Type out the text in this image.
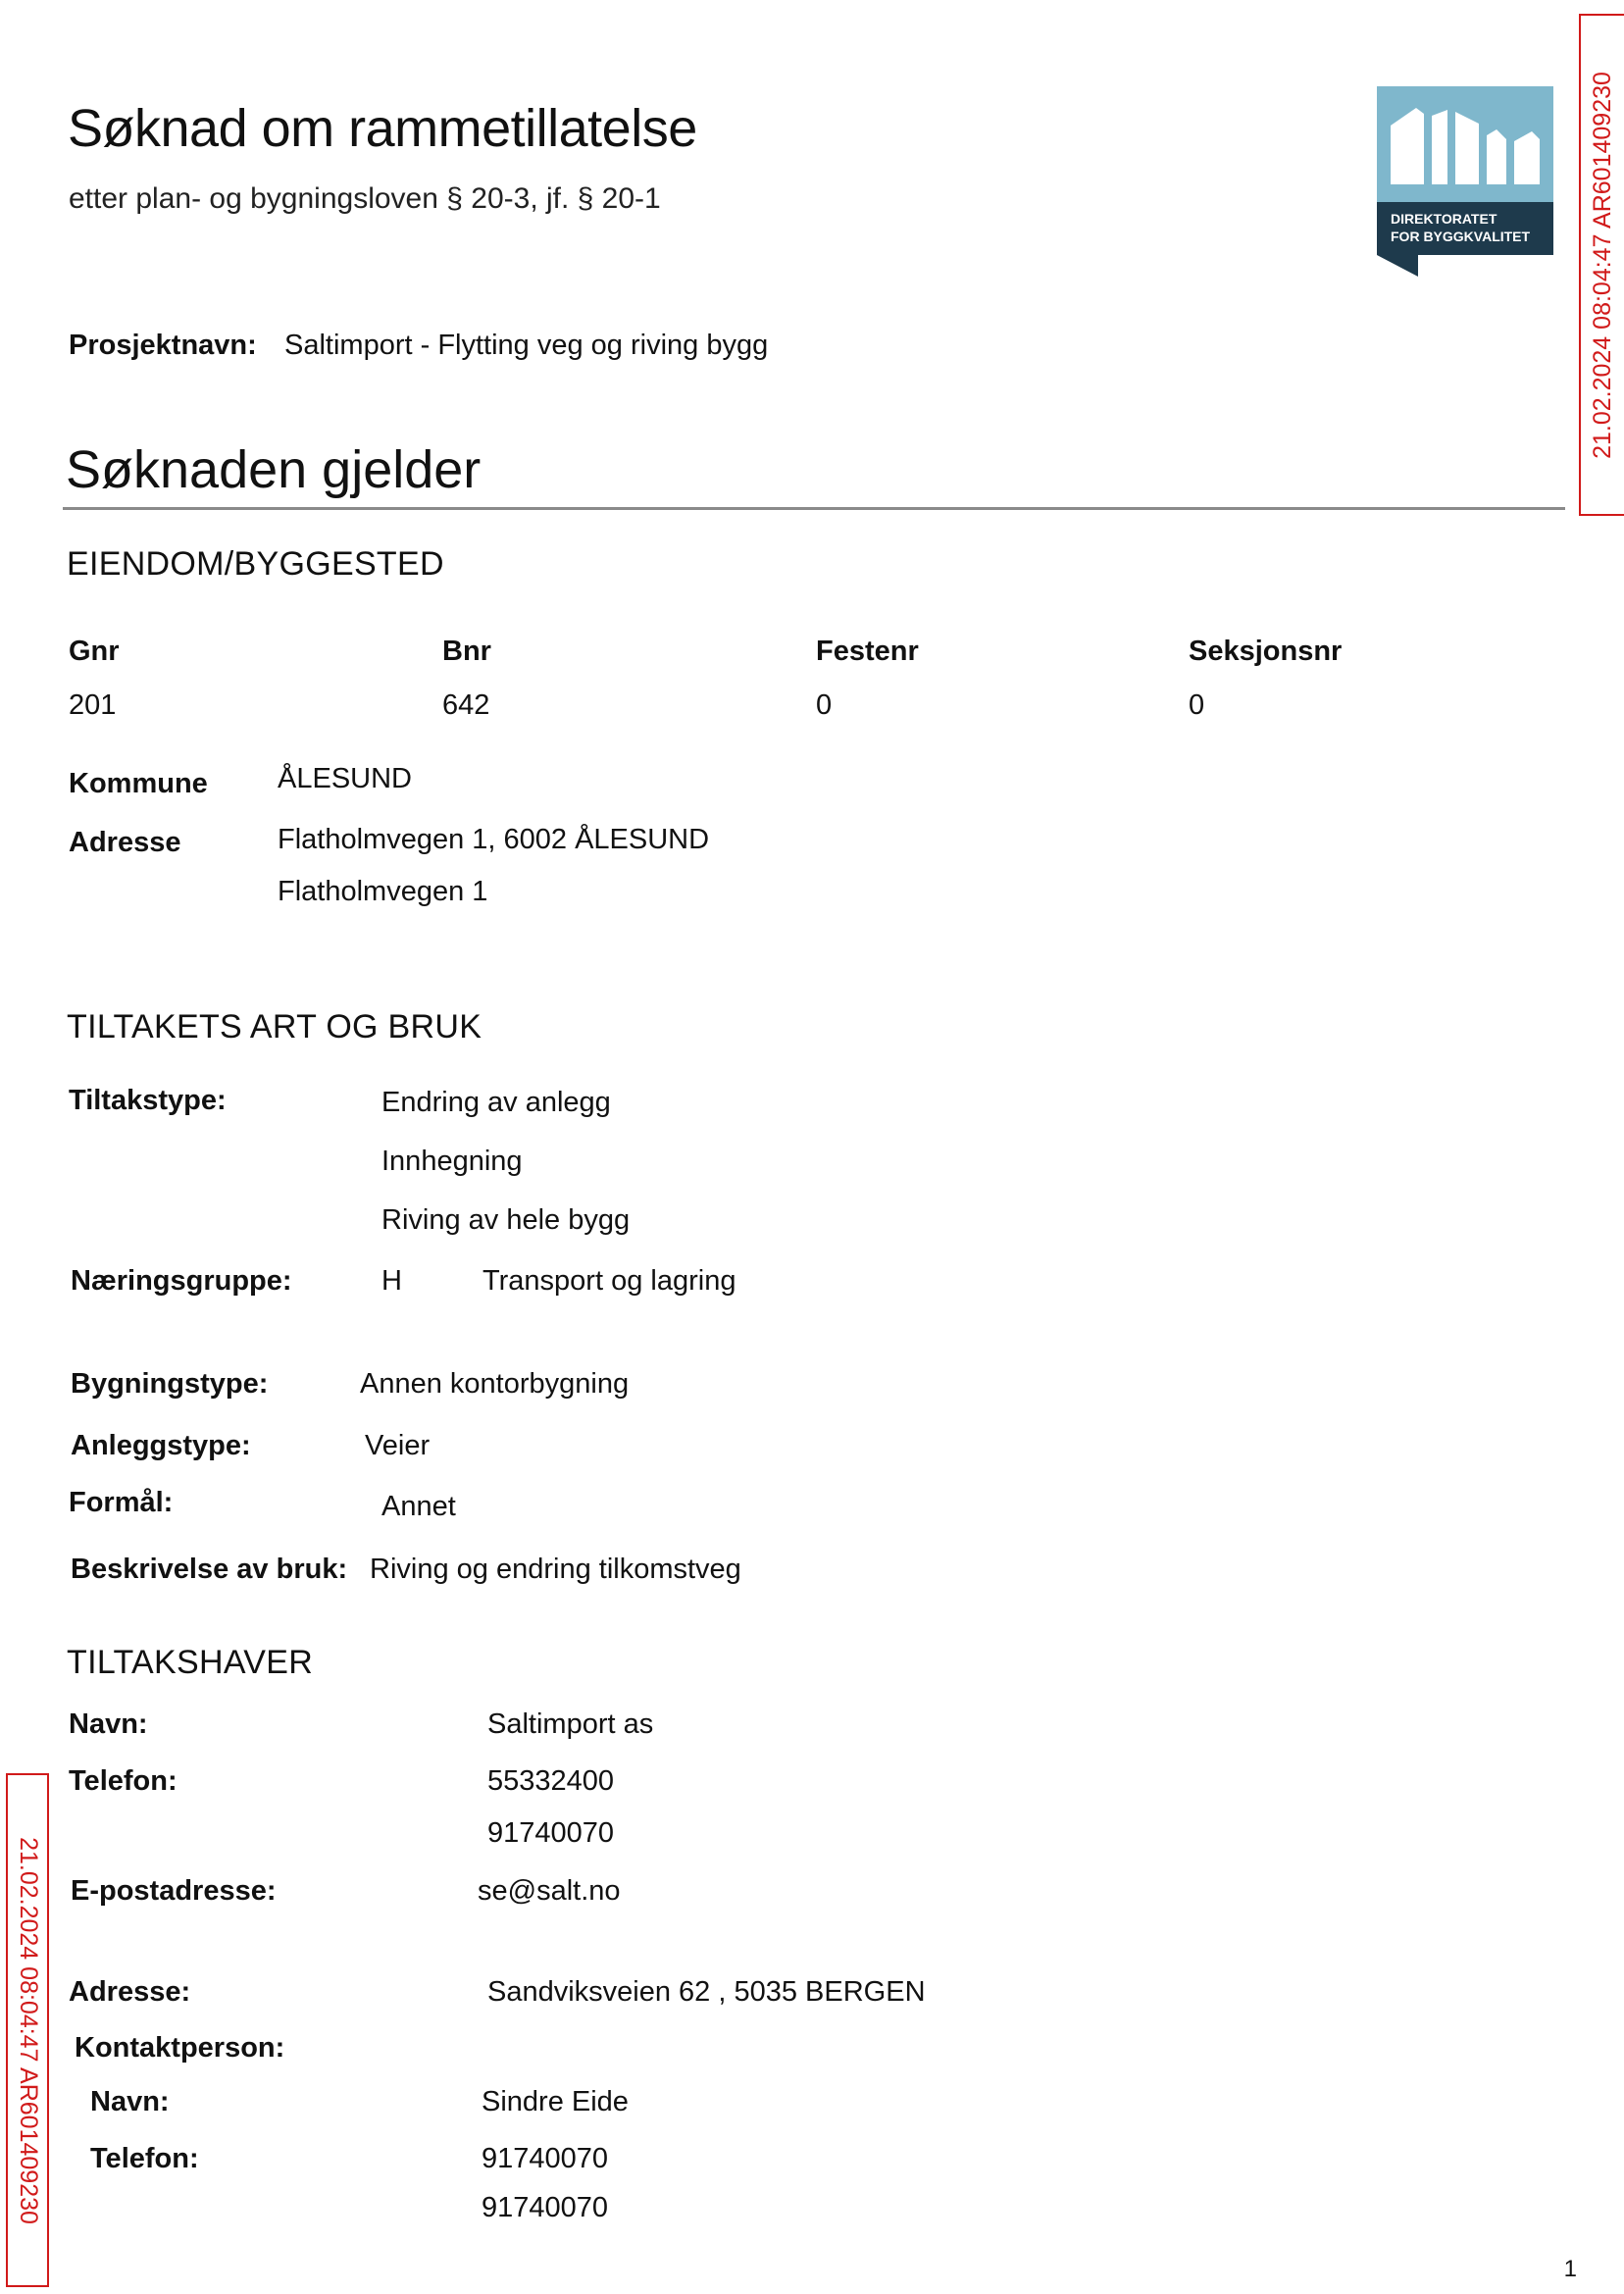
Søknad om rammetillatelse
etter plan- og bygningsloven § 20-3, jf. § 20-1
DIREKTORATET
FOR BYGGKVALITET 21.02.2024 08:04:47 AR601409230
21.02.2024 08:04:47 AR601409230
Prosjektnavn: Saltimport - Flytting veg og riving bygg
Søknaden gjelder
EIENDOM/BYGGESTED
Gnr	Bnr	Festenr	Seksjonsnr
201	642	0	0
Kommune ÅLESUND
Adresse	Flatholmvegen 1, 6002 ÅLESUND
Flatholmvegen 1
TILTAKETS ART OG BRUK
Tiltakstype:	Endring av anlegg
Innhegning
Riving av hele bygg
Næringsgruppe:	H	Transport og lagring
Bygningstype:	Annen kontorbygning
Anleggstype:	Veier
Formål:	Annet
Beskrivelse av bruk: Riving og endring tilkomstveg
TILTAKSHAVER
Navn:	Saltimport as
Telefon:	55332400
91740070
E-postadresse:	se@salt.no
Adresse:	Sandviksveien 62 , 5035 BERGEN
Kontaktperson:
Navn:	Sindre Eide
Telefon:	91740070
91740070
1
